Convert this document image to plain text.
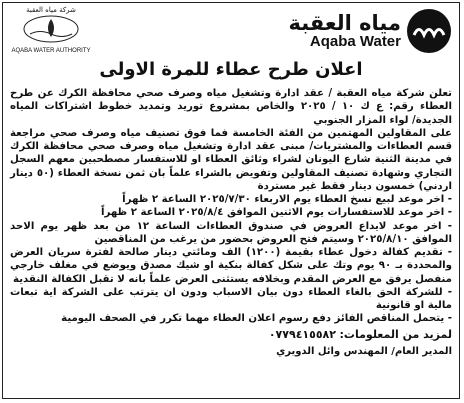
مياه العقبة
Aqaba Water
شركة مياه العقبة
AQABA WATER AUTHORITY
اعلان طرح عطاء للمرة الاولى

تعلن شركة مياه العقبة / عقد ادارة وتشغيل مياه وصرف صحي محافظة الكرك عن طرح العطاء رقم: ع ك ١٠ / ٢٠٢٥ والخاص بمشروع توريد وتمديد خطوط اشتراكات المياه الجديدة/ لواء المزار الجنوبي

على المقاولين المهتمين من الفئة الخامسة فما فوق تصنيف مياه وصرف صحي مراجعة قسم العطاءات والمشتريات/ مبنى عقد ادارة وتشغيل مياه وصرف صحي محافظة الكرك في مدينة الثنية شارع اليونان لشراء وثائق العطاء او للاستفسار مصطحبين معهم السجل التجاري وشهادة تصنيف المقاولين وتفويض بالشراء علماً بان ثمن نسخة العطاء (٥٠ دينار اردني) خمسون دينار فقط غير مستردة

- اخر موعد لبيع نسخ العطاء يوم الاربعاء ٢٠٢٥/٧/٣٠ الساعة ٢ ظهراً

- اخر موعد للاستفسارات يوم الاثنين الموافق ٢٠٢٥/٨/٤ الساعة ٢ ظهراً

- اخر موعد لايداع العروض في صندوق العطاءات الساعة ١٢ من بعد ظهر يوم الاحد الموافق ٢٠٢٥/٨/١٠ وسيتم فتح العروض بحضور من يرغب من المناقصين

- تقديم كفالة دخول عطاء بقيمة (١٢٠٠) الف ومائتي دينار صالحة لفترة سريان العرض والمحددة بـ ٩٠ يوم وتك على شكل كفالة بنكية او شيك مصدق ويوضع في مغلف خارجي منفصل يرفق مع العرض المقدم وبخلافه يستثنى العرض علماً بانه لا تقبل الكفالة النقدية

- للشركة الحق بالغاء العطاء دون بيان الاسباب ودون ان يترتب على الشركة اية تبعات مالية او قانونية

- يتحمل المناقص الفائز دفع رسوم اعلان العطاء مهما تكرر في الصحف اليومية

لمزيد من المعلومات: ٠٧٧٩٤١٥٥٨٢
المدير العام/ المهندس وائل الدويري
